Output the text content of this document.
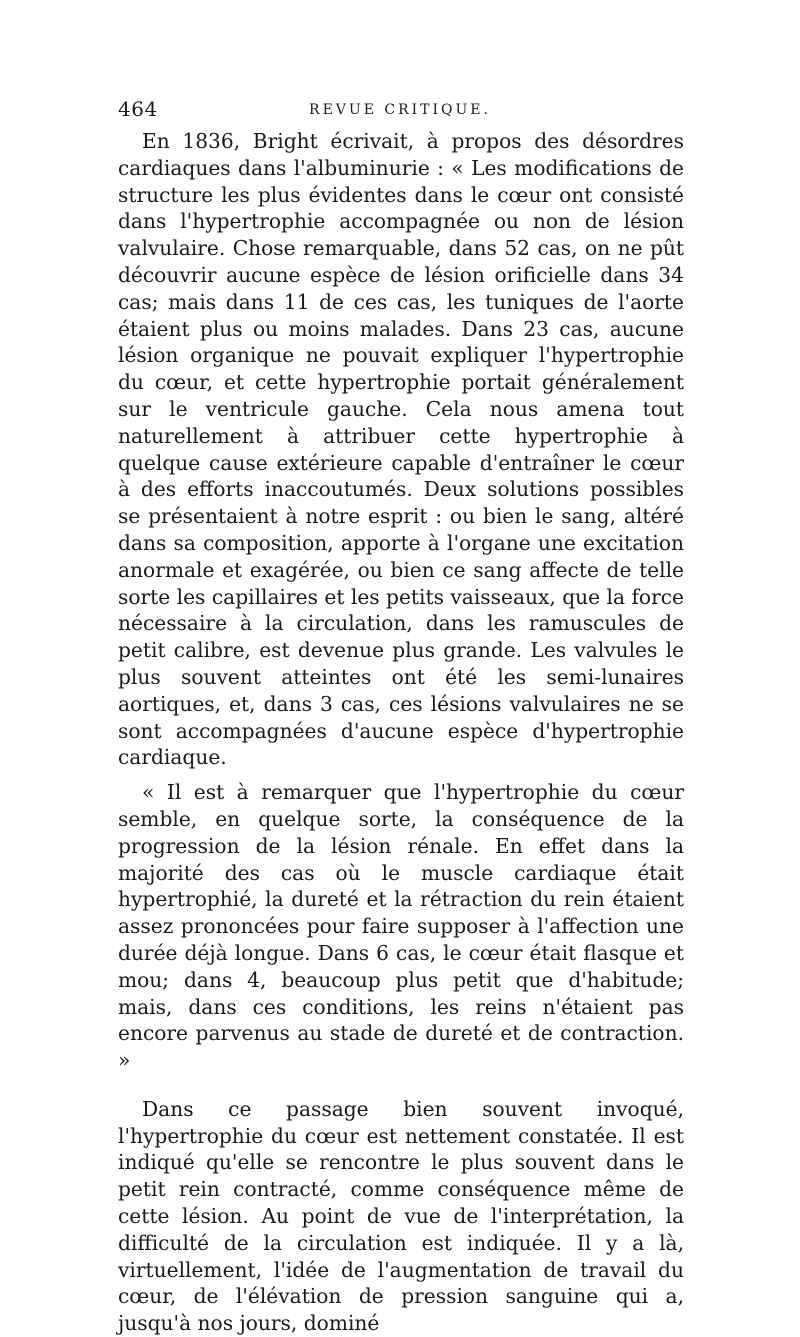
464	REVUE CRITIQUE.

En 1836, Bright écrivait, à propos des désordres cardiaques dans l'albuminurie : « Les modifications de structure les plus évidentes dans le cœur ont consisté dans l'hypertrophie accompagnée ou non de lésion valvulaire. Chose remarquable, dans 52 cas, on ne pût découvrir aucune espèce de lésion orificielle dans 34 cas; mais dans 11 de ces cas, les tuniques de l'aorte étaient plus ou moins malades. Dans 23 cas, aucune lésion organique ne pouvait expliquer l'hypertrophie du cœur, et cette hypertrophie portait généralement sur le ventricule gauche. Cela nous amena tout naturellement à attribuer cette hypertrophie à quelque cause extérieure capable d'entraîner le cœur à des efforts inaccoutumés. Deux solutions possibles se présentaient à notre esprit : ou bien le sang, altéré dans sa composition, apporte à l'organe une excitation anormale et exagérée, ou bien ce sang affecte de telle sorte les capillaires et les petits vaisseaux, que la force nécessaire à la circulation, dans les ramuscules de petit calibre, est devenue plus grande. Les valvules le plus souvent atteintes ont été les semi-lunaires aortiques, et, dans 3 cas, ces lésions valvulaires ne se sont accompagnées d'aucune espèce d'hypertrophie cardiaque.

« Il est à remarquer que l'hypertrophie du cœur semble, en quelque sorte, la conséquence de la progression de la lésion rénale. En effet dans la majorité des cas où le muscle cardiaque était hypertrophié, la dureté et la rétraction du rein étaient assez prononcées pour faire supposer à l'affection une durée déjà longue. Dans 6 cas, le cœur était flasque et mou; dans 4, beaucoup plus petit que d'habitude; mais, dans ces conditions, les reins n'étaient pas encore parvenus au stade de dureté et de contraction. »

Dans ce passage bien souvent invoqué, l'hypertrophie du cœur est nettement constatée. Il est indiqué qu'elle se rencontre le plus souvent dans le petit rein contracté, comme conséquence même de cette lésion. Au point de vue de l'interprétation, la difficulté de la circulation est indiquée. Il y a là, virtuellement, l'idée de l'augmentation de travail du cœur, de l'élévation de pression sanguine qui a, jusqu'à nos jours, dominé
